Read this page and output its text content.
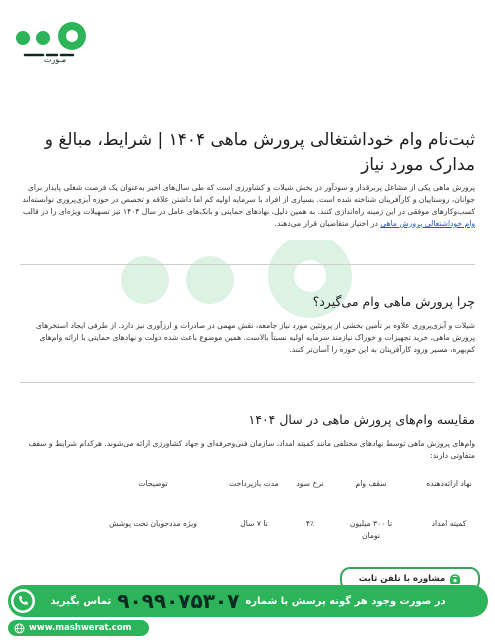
مـورت
ثبت‌نام وام خوداشتغالی پرورش ماهی ۱۴۰۴ | شرایط، مبالغ و مدارک مورد نیاز

پرورش ماهی یکی از مشاغل پربرقدار و سودآور در بخش شیلات و کشاورزی است که طی سال‌های اخیر به‌عنوان یک فرصت شغلی پایدار برای جوانان، روستاییان و کارآفرینان شناخته شده است. بسیاری از افراد با سرمایه اولیه کم اما داشتن علاقه و تخصص در حوزه آبزی‌پروری توانسته‌اند کسب‌وکارهای موفقی در این زمینه راه‌اندازی کنند. به همین دلیل، نهادهای حمایتی و بانک‌های عامل در سال ۱۴۰۴ نیز تسهیلات ویژه‌ای را در قالب وام خوداشتغالی پرورش ماهی در اختیار متقاضیان قرار می‌دهند.

چرا پرورش ماهی وام می‌گیرد؟

شیلات و آبزی‌پروری علاوه بر تأمین بخشی از پروتئین مورد نیاز جامعه، نقش مهمی در صادرات و ارزآوری نیز دارد. از طرفی ایجاد استخرهای پرورش ماهی، خرید تجهیزات و خوراک نیازمند سرمایه اولیه نسبتاً بالاست. همین موضوع باعث شده دولت و نهادهای حمایتی با ارائه وام‌های کم‌بهره، مسیر ورود کارآفرینان به این حوزه را آسان‌تر کنند.

مقایسه وام‌های پرورش ماهی در سال ۱۴۰۴

وام‌های پرورش ماهی توسط نهادهای مختلفی مانند کمیته امداد، سازمان فنی‌وحرفه‌ای و جهاد کشاورزی ارائه می‌شوند. هرکدام شرایط و سقف متفاوتی دارند:

نهاد ارائه‌دهنده
سقف وام
نرخ سود
مدت بازپرداخت
توضیحات
کمیته امداد
تا ۳۰۰ میلیون تومان
۴٪
تا ۷ سال
ویژه مددجویان تحت پوشش
مشاوره با تلفن ثابت
در صورت وجود هر گونه پرسش با شماره
۹۰۹۹۰۷۵۳۰۷
تماس بگیرید
www.mashwerat.com
